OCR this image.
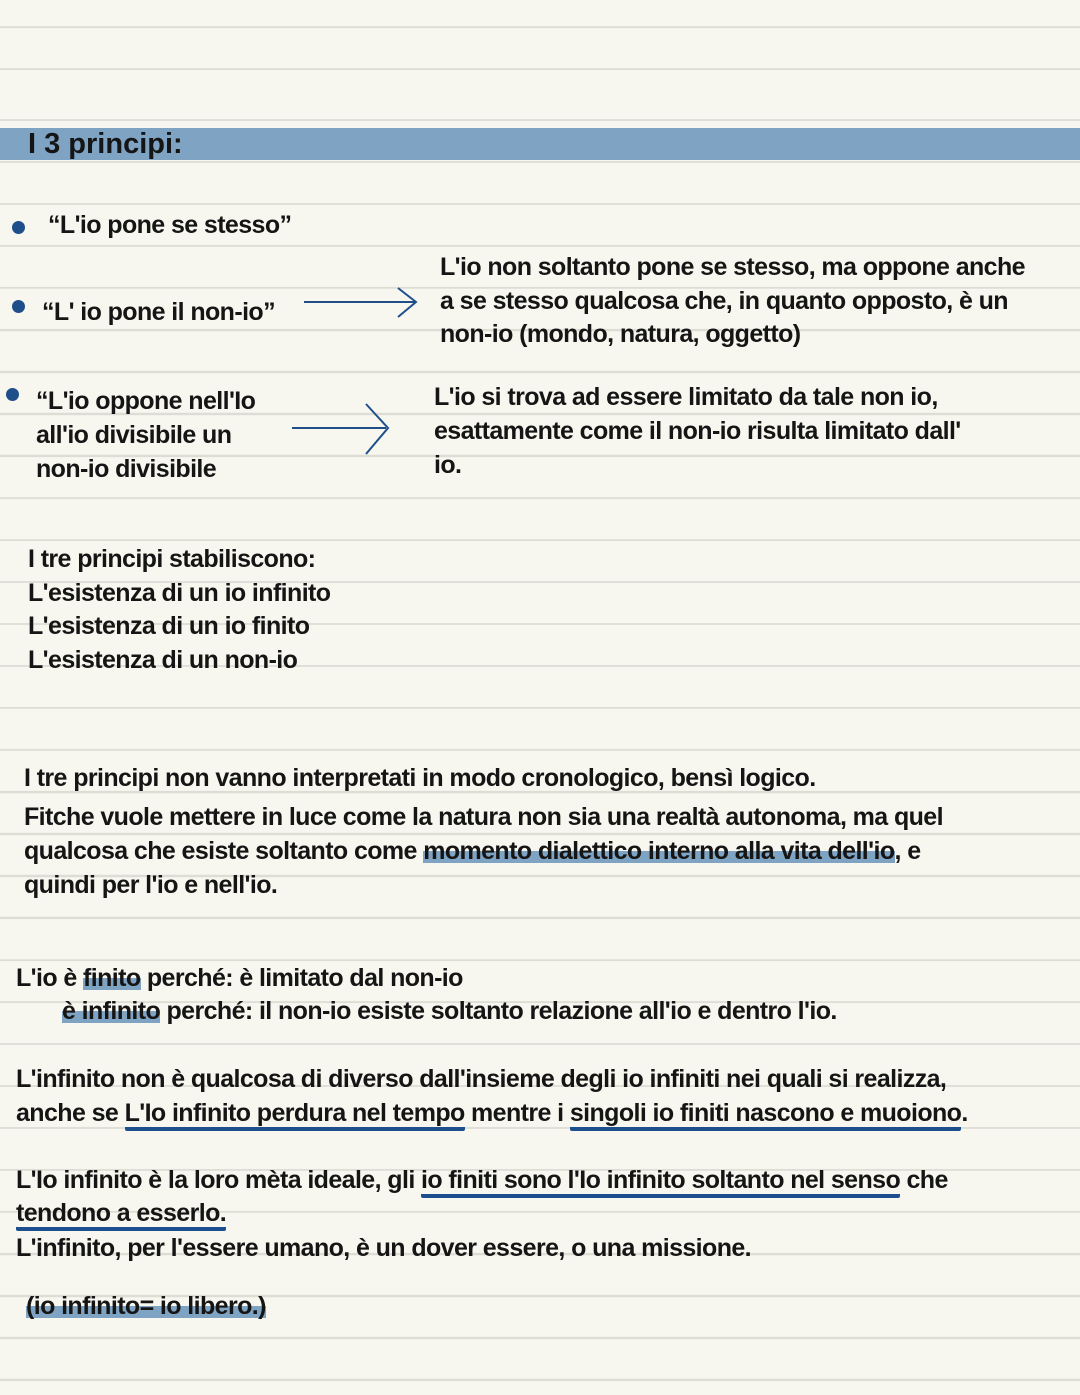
I 3 principi:
“L'io pone se stesso”
“L' io pone il non-io”
L'io non soltanto pone se stesso, ma oppone anche
a se stesso qualcosa che, in quanto opposto, è un
non-io (mondo, natura, oggetto)
“L'io oppone nell'Io
all'io divisibile un
non-io divisibile
L'io si trova ad essere limitato da tale non io,
esattamente come il non-io risulta limitato dall'
io.
I tre principi stabiliscono:
L'esistenza di un io infinito
L'esistenza di un io finito
L'esistenza di un non-io
I tre principi non vanno interpretati in modo cronologico, bensì logico.
Fitche vuole mettere in luce come la natura non sia una realtà autonoma, ma quel
qualcosa che esiste soltanto come momento dialettico interno alla vita dell'io, e
quindi per l'io e nell'io.
L'io è finito perché: è limitato dal non-io
è infinito perché: il non-io esiste soltanto relazione all'io e dentro l'io.
L'infinito non è qualcosa di diverso dall'insieme degli io infiniti nei quali si realizza,
anche se L'Io infinito perdura nel tempo mentre i singoli io finiti nascono e muoiono.
L'Io infinito è la loro mèta ideale, gli io finiti sono l'Io infinito soltanto nel senso che
tendono a esserlo.
L'infinito, per l'essere umano, è un dover essere, o una missione.
(io infinito= io libero.)
